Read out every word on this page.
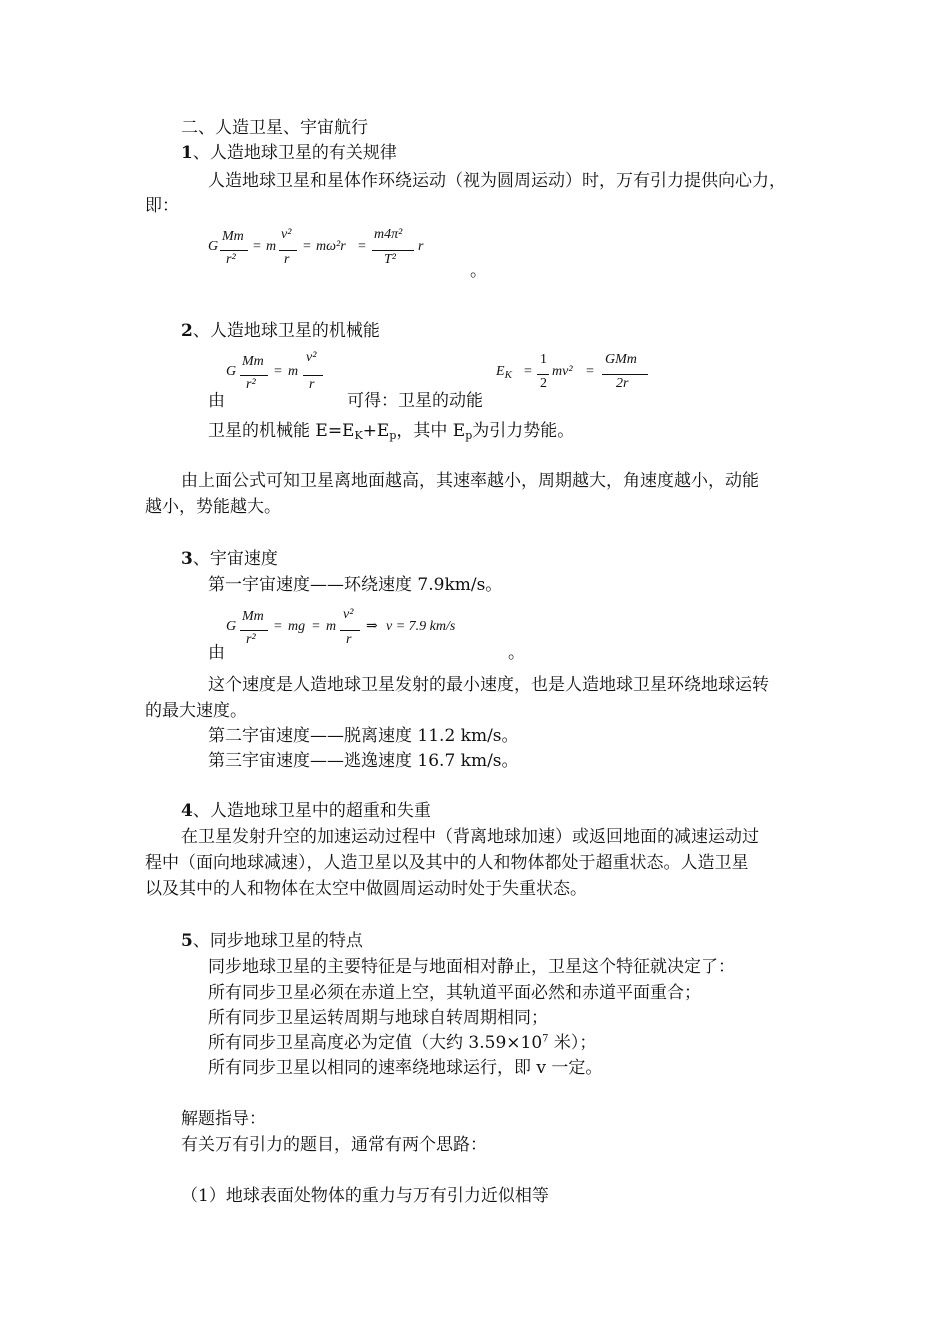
二、人造卫星、宇宙航行
1、人造地球卫星的有关规律
人造地球卫星和星体作环绕运动（视为圆周运动）时，万有引力提供向心力，
即：
G
Mm
r²
= m
v²
r
= mω²r =
m4π²
T²
r
。
2、人造地球卫星的机械能
G
Mm
r²
= m
v²
r
由	可得：卫星的动能
$E_K$ =
1
2
mv² =
GMm
2r
卫星的机械能 $E=E_K+E_p$，其中 $E_p$为引力势能。
由上面公式可知卫星离地面越高，其速率越小，周期越大，角速度越小，动能
越小，势能越大。
3、宇宙速度
第一宇宙速度——环绕速度 7.9km/s。
G
Mm
r²
= mg = m
v²
r
⇒ v = 7.9 km/s
由	。
这个速度是人造地球卫星发射的最小速度，也是人造地球卫星环绕地球运转
的最大速度。
第二宇宙速度——脱离速度 11.2 km/s。
第三宇宙速度——逃逸速度 16.7 km/s。
4、人造地球卫星中的超重和失重
在卫星发射升空的加速运动过程中（背离地球加速）或返回地面的减速运动过
程中（面向地球减速），人造卫星以及其中的人和物体都处于超重状态。人造卫星
以及其中的人和物体在太空中做圆周运动时处于失重状态。
5、同步地球卫星的特点
同步地球卫星的主要特征是与地面相对静止，卫星这个特征就决定了：
所有同步卫星必须在赤道上空，其轨道平面必然和赤道平面重合；
所有同步卫星运转周期与地球自转周期相同；
所有同步卫星高度必为定值（大约 $3.59\times 10^7$ 米）；
所有同步卫星以相同的速率绕地球运行，即 v 一定。
解题指导：
有关万有引力的题目，通常有两个思路：
（1）地球表面处物体的重力与万有引力近似相等
